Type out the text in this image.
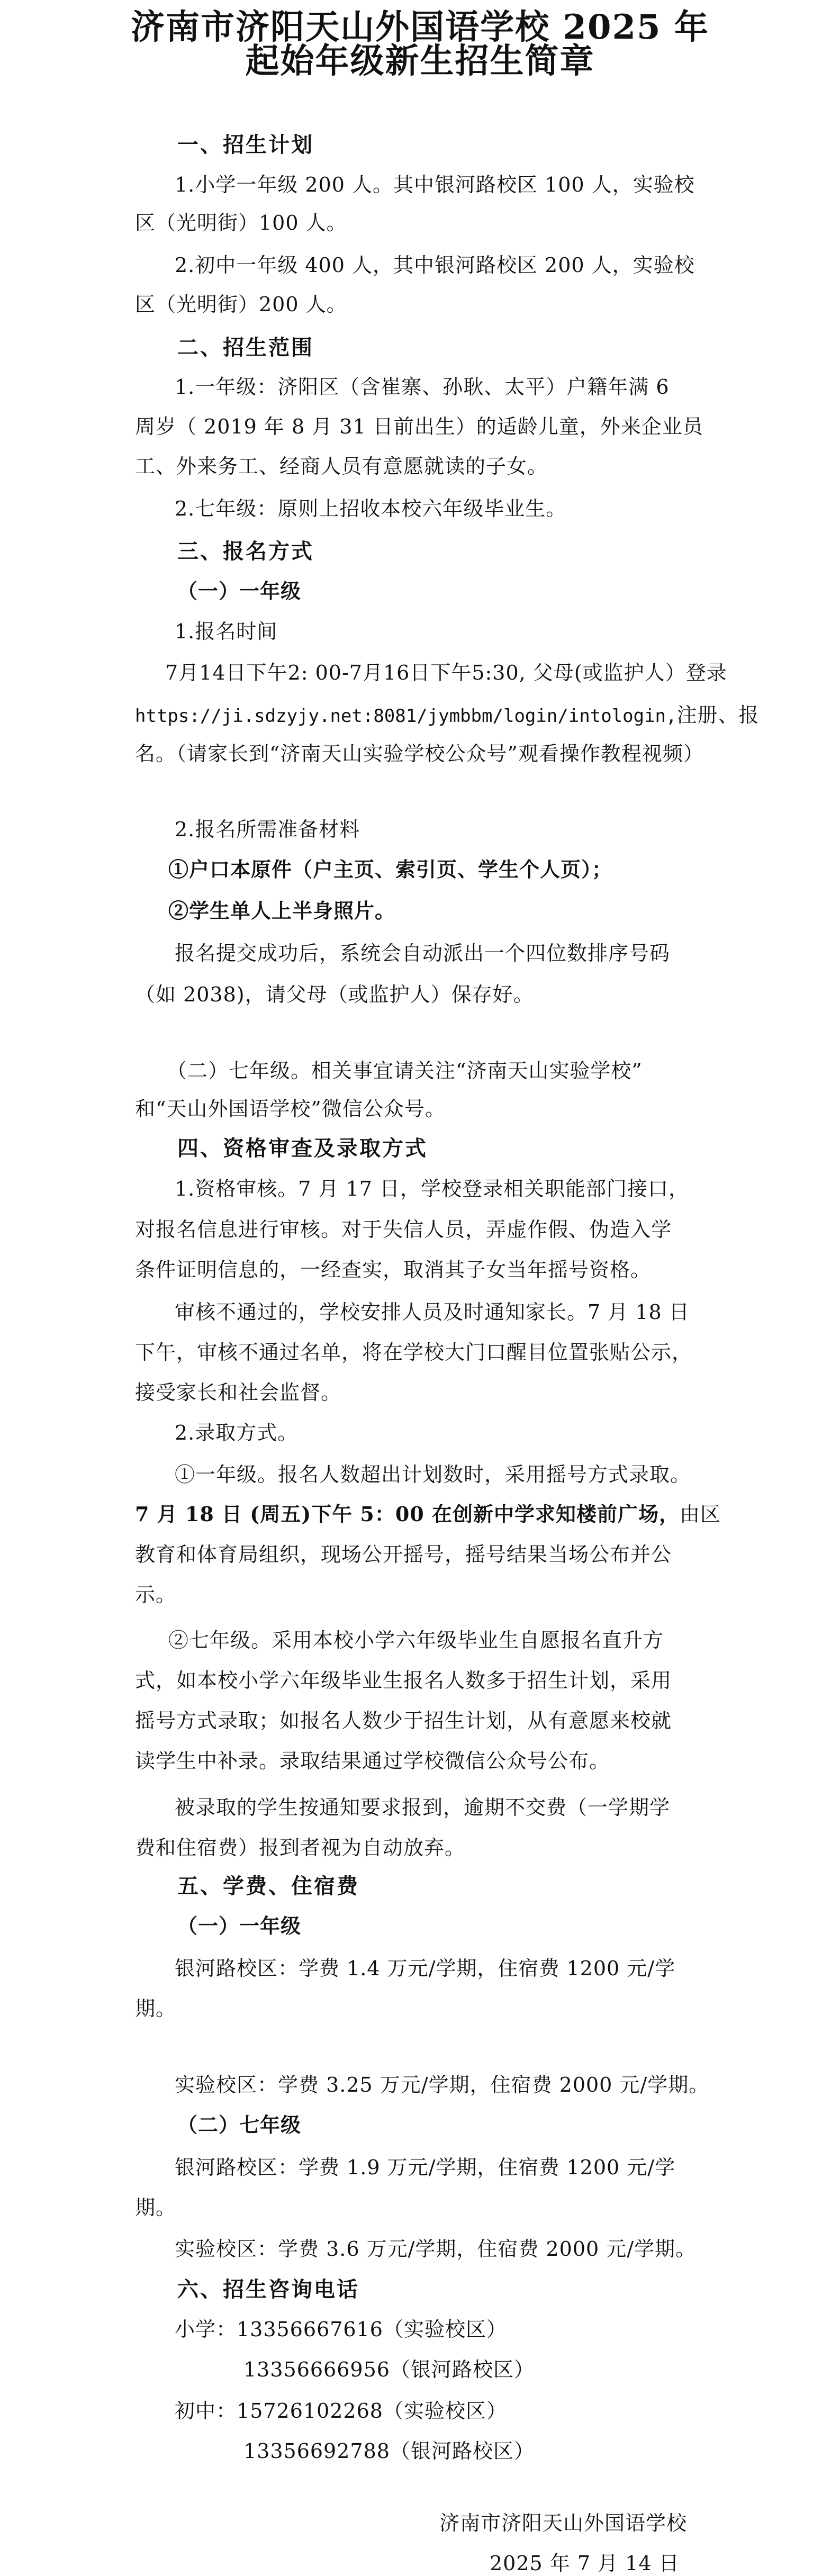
济南市济阳天山外国语学校 2025 年
起始年级新生招生简章
一、招生计划
1.小学一年级 200 人。其中银河路校区 100 人，实验校
区（光明街）100 人。
2.初中一年级 400 人，其中银河路校区 200 人，实验校
区（光明街）200 人。
二、招生范围
1.一年级：济阳区（含崔寨、孙耿、太平）户籍年满 6
周岁（ 2019 年 8 月 31 日前出生）的适龄儿童，外来企业员
工、外来务工、经商人员有意愿就读的子女。
2.七年级：原则上招收本校六年级毕业生。
三、报名方式
（一）一年级
1.报名时间
7月14日下午2: 00-7月16日下午5:30, 父母(或监护人）登录
https://ji.sdzyjy.net:8081/jymbbm/login/intologin,注册、报
名。（请家长到“济南天山实验学校公众号”观看操作教程视频）
2.报名所需准备材料
①户口本原件（户主页、索引页、学生个人页）；
②学生单人上半身照片。
报名提交成功后，系统会自动派出一个四位数排序号码
（如 2038)，请父母（或监护人）保存好。
（二）七年级。相关事宜请关注“济南天山实验学校”
和“天山外国语学校”微信公众号。
四、资格审查及录取方式
1.资格审核。7 月 17 日，学校登录相关职能部门接口，
对报名信息进行审核。对于失信人员，弄虚作假、伪造入学
条件证明信息的，一经查实，取消其子女当年摇号资格。
审核不通过的，学校安排人员及时通知家长。7 月 18 日
下午，审核不通过名单，将在学校大门口醒目位置张贴公示，
接受家长和社会监督。
2.录取方式。
①一年级。报名人数超出计划数时，采用摇号方式录取。
7 月 18 日 (周五)下午 5：00 在创新中学求知楼前广场，由区
教育和体育局组织，现场公开摇号，摇号结果当场公布并公
示。
②七年级。采用本校小学六年级毕业生自愿报名直升方
式，如本校小学六年级毕业生报名人数多于招生计划，采用
摇号方式录取；如报名人数少于招生计划，从有意愿来校就
读学生中补录。录取结果通过学校微信公众号公布。
被录取的学生按通知要求报到，逾期不交费（一学期学
费和住宿费）报到者视为自动放弃。
五、学费、住宿费
（一）一年级
银河路校区：学费 1.4 万元/学期，住宿费 1200 元/学
期。
实验校区：学费 3.25 万元/学期，住宿费 2000 元/学期。
（二）七年级
银河路校区：学费 1.9 万元/学期，住宿费 1200 元/学
期。
实验校区：学费 3.6 万元/学期，住宿费 2000 元/学期。
六、招生咨询电话
小学：13356667616（实验校区）
13356666956（银河路校区）
初中：15726102268（实验校区）
13356692788（银河路校区）
济南市济阳天山外国语学校
2025 年 7 月 14 日
